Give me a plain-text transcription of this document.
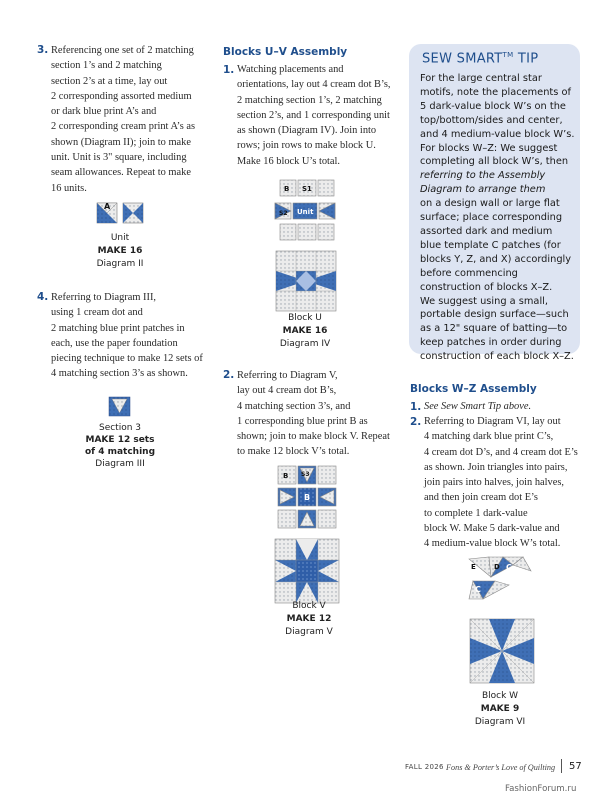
3. Referencing one set of 2 matching
section 1’s and 2 matching
section 2’s at a time, lay out
2 corresponding assorted medium
or dark blue print A’s and
2 corresponding cream print A’s as
shown (Diagram II); join to make
unit. Unit is 3" square, including
seam allowances. Repeat to make
16 units.
A
Unit
MAKE 16
Diagram II
4. Referring to Diagram III,
using 1 cream dot and
2 matching blue print patches in
each, use the paper foundation
piecing technique to make 12 sets of
4 matching section 3’s as shown.
Section 3
MAKE 12 sets
of 4 matching
Diagram III
Blocks U–V Assembly
1. Watching placements and
orientations, lay out 4 cream dot B’s,
2 matching section 1’s, 2 matching
section 2’s, and 1 corresponding unit
as shown (Diagram IV). Join into
rows; join rows to make block U.
Make 16 block U’s total.
B S1
S2 Unit
Block U
MAKE 16
Diagram IV
2. Referring to Diagram V,
lay out 4 cream dot B’s,
4 matching section 3’s, and
1 corresponding blue print B as
shown; join to make block V. Repeat
to make 12 block V’s total.
B S3
B
Block V
MAKE 12
Diagram V
SEW SMART™ TIP
For the large central star
motifs, note the placements of
5 dark-value block W’s on the
top/bottom/sides and center,
and 4 medium-value block W’s.
For blocks W–Z: We suggest
completing all block W’s, then
referring to the Assembly
Diagram to arrange them
on a design wall or large flat
surface; place corresponding
assorted dark and medium
blue template C patches (for
blocks Y, Z, and X) accordingly
before commencing
construction of blocks X–Z.
We suggest using a small,
portable design surface—such
as a 12" square of batting—to
keep patches in order during
construction of each block X–Z.
Blocks W–Z Assembly
1. See Sew Smart Tip above.
2. Referring to Diagram VI, lay out
4 matching dark blue print C’s,
4 cream dot D’s, and 4 cream dot E’s
as shown. Join triangles into pairs,
join pairs into halves, join halves,
and then join cream dot E’s
to complete 1 dark-value
block W. Make 5 dark-value and
4 medium-value block W’s total.
E	D C
C
Block W
MAKE 9
Diagram VI
FALL 2026 Fons & Porter’s Love of Quilting 57
FashionForum.ru
